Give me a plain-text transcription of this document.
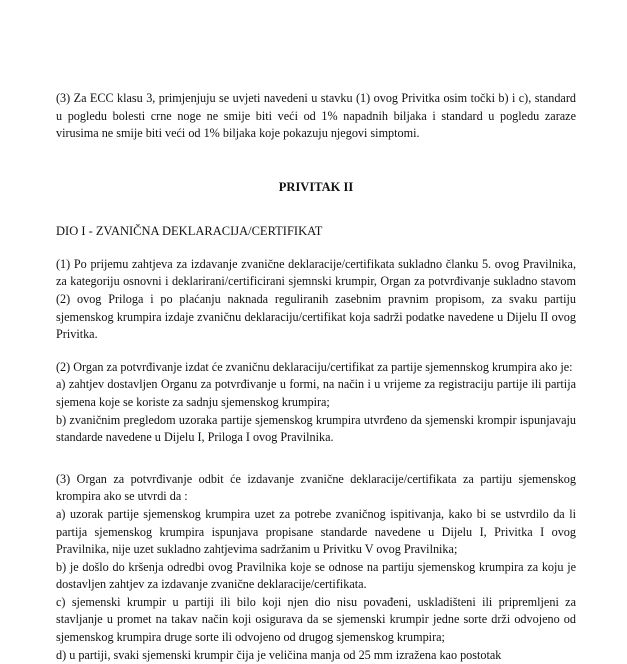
(3) Za ECC klasu 3, primjenjuju se uvjeti navedeni u stavku (1) ovog Privitka osim točki b) i c), standard u pogledu bolesti crne noge ne smije biti veći od 1% napadnih biljaka i standard u pogledu zaraze virusima ne smije biti veći od 1% biljaka koje pokazuju njegovi simptomi.

PRIVITAK II

DIO I - ZVANIČNA DEKLARACIJA/CERTIFIKAT

(1) Po prijemu zahtjeva za izdavanje zvanične deklaracije/certifikata sukladno članku 5. ovog Pravilnika, za kategoriju osnovni i deklarirani/certificirani sjemnski krumpir, Organ za potvrđivanje sukladno stavom (2) ovog Priloga i po plaćanju naknada reguliranih zasebnim pravnim propisom, za svaku partiju sjemenskog krumpira izdaje zvaničnu deklaraciju/certifikat koja sadrži podatke navedene u Dijelu II ovog Privitka.

(2) Organ za potvrđivanje izdat će zvaničnu deklaraciju/certifikat za partije sjemennskog krumpira ako je:

a) zahtjev dostavljen Organu za potvrđivanje u formi, na način i u vrijeme za registraciju partije ili partija sjemena koje se koriste za sadnju sjemenskog krumpira;

b) zvaničnim pregledom uzoraka partije sjemenskog krumpira utvrđeno da sjemenski krompir ispunjavaju standarde navedene u Dijelu I, Priloga I ovog Pravilnika.

(3) Organ za potvrđivanje odbit će izdavanje zvanične deklaracije/certifikata za partiju sjemenskog krompira ako se utvrdi da :

a) uzorak partije sjemenskog krumpira uzet za potrebe zvaničnog ispitivanja, kako bi se ustvrdilo da li partija sjemenskog krumpira ispunjava propisane standarde navedene u Dijelu I, Privitka I ovog Pravilnika, nije uzet sukladno zahtjevima sadržanim u Privitku V ovog Pravilnika;

b) je došlo do kršenja odredbi ovog Pravilnika koje se odnose na partiju sjemenskog krumpira za koju je dostavljen zahtjev za izdavanje zvanične deklaracije/certifikata.

c) sjemenski krumpir u partiji ili bilo koji njen dio nisu povađeni, uskladišteni ili pripremljeni za stavljanje u promet na takav način koji osigurava da se sjemenski krumpir jedne sorte drži odvojeno od sjemenskog krumpira druge sorte ili odvojeno od drugog sjemenskog krumpira;

d) u partiji, svaki sjemenski krumpir čija je veličina manja od 25 mm izražena kao postotak
